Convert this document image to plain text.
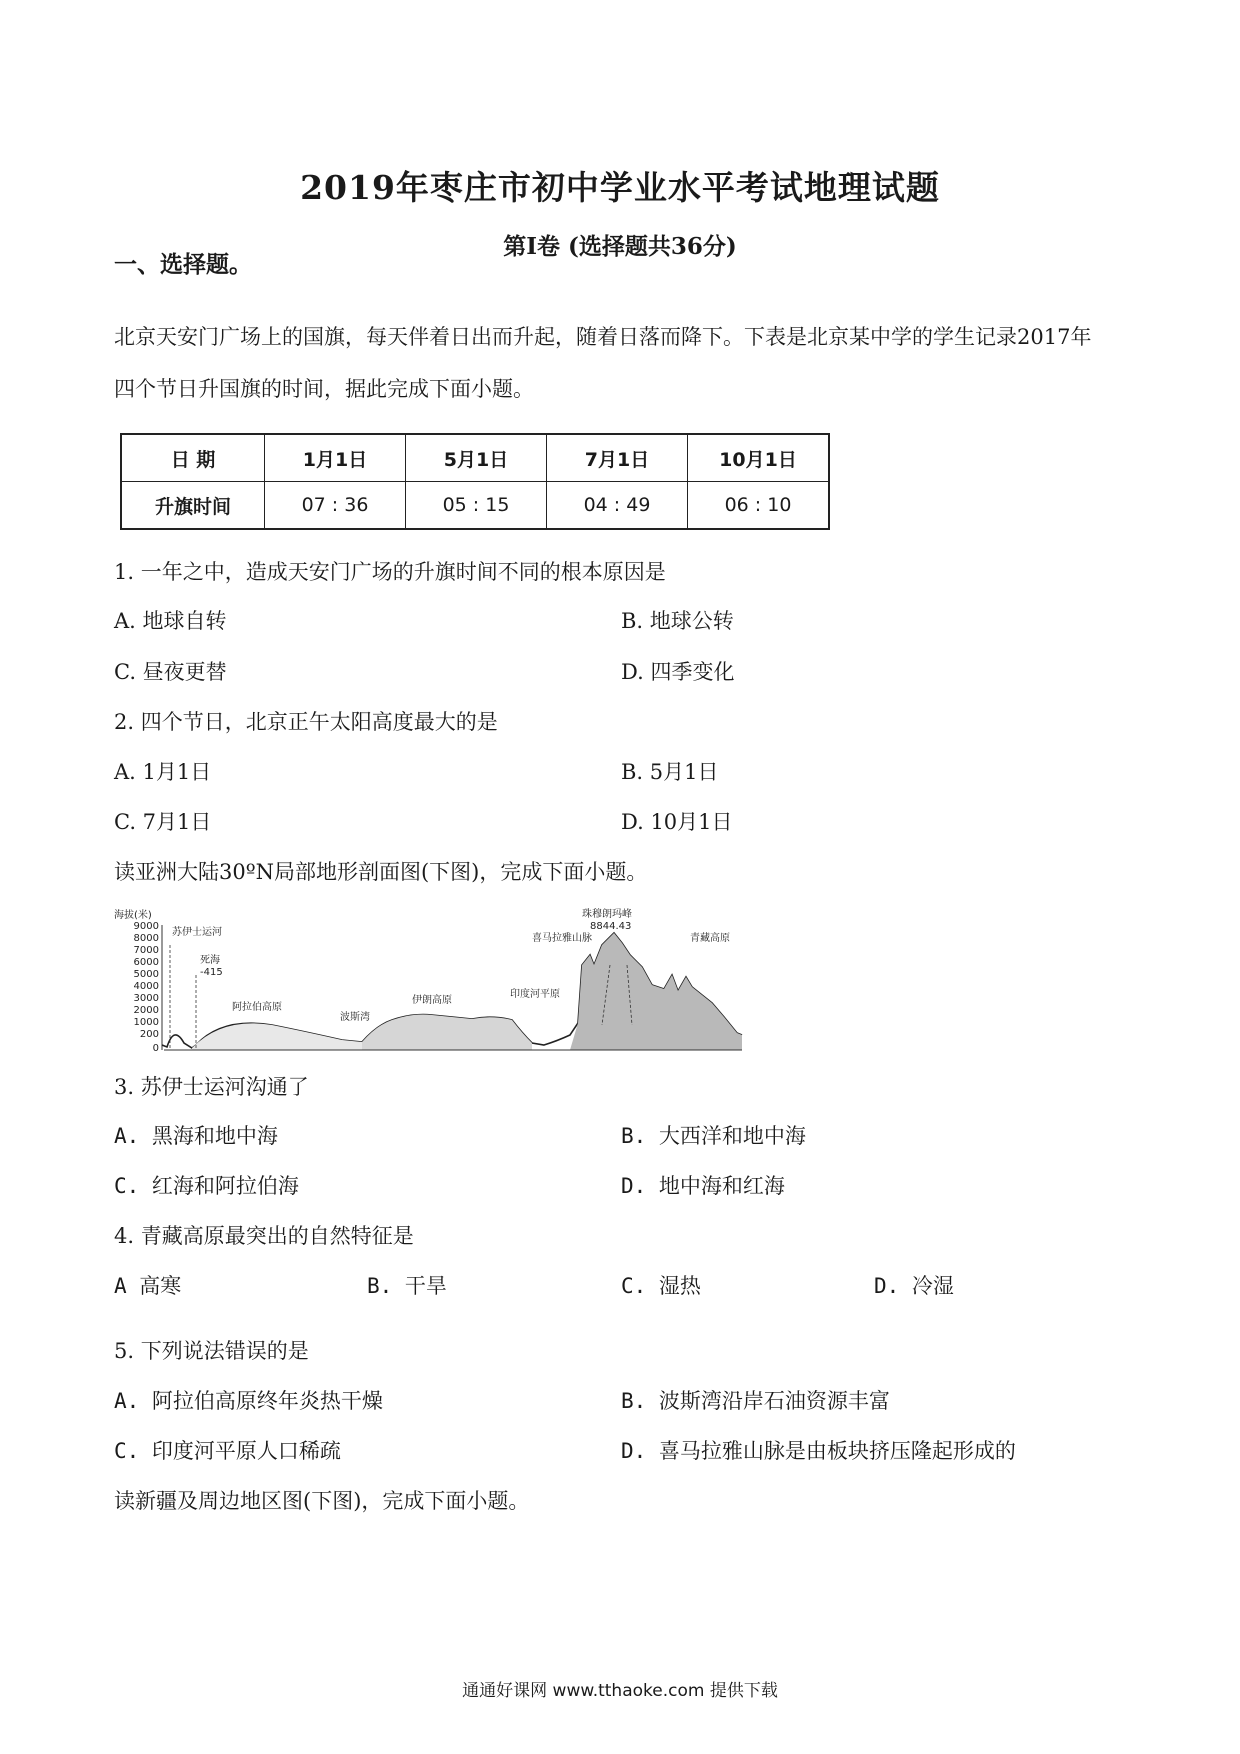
2019年枣庄市初中学业水平考试地理试题
第Ⅰ卷 (选择题共36分)
一、选择题。
北京天安门广场上的国旗，每天伴着日出而升起，随着日落而降下。下表是北京某中学的学生记录2017年
四个节日升国旗的时间，据此完成下面小题。
日 期	1月1日	5月1日	7月1日	10月1日
升旗时间	07 : 36	05 : 15	04 : 49	06 : 10
1. 一年之中，造成天安门广场的升旗时间不同的根本原因是
A. 地球自转	B. 地球公转
C. 昼夜更替	D. 四季变化
2. 四个节日，北京正午太阳高度最大的是
A. 1月1日	B. 5月1日
C. 7月1日	D. 10月1日
读亚洲大陆30ºN局部地形剖面图(下图)，完成下面小题。
海拔(米)
9000
8000
7000
6000
5000
4000
3000
2000
1000
200
0
苏伊士运河
死海
-415
阿拉伯高原
波斯湾
伊朗高原
印度河平原
珠穆朗玛峰
8844.43
喜马拉雅山脉	青藏高原
3. 苏伊士运河沟通了
A. 黑海和地中海	B. 大西洋和地中海
C. 红海和阿拉伯海	D. 地中海和红海
4. 青藏高原最突出的自然特征是
A 高寒	B. 干旱	C. 湿热	D. 冷湿
5. 下列说法错误的是
A. 阿拉伯高原终年炎热干燥	B. 波斯湾沿岸石油资源丰富
C. 印度河平原人口稀疏	D. 喜马拉雅山脉是由板块挤压隆起形成的
读新疆及周边地区图(下图)，完成下面小题。
通通好课网 www.tthaoke.com 提供下载
